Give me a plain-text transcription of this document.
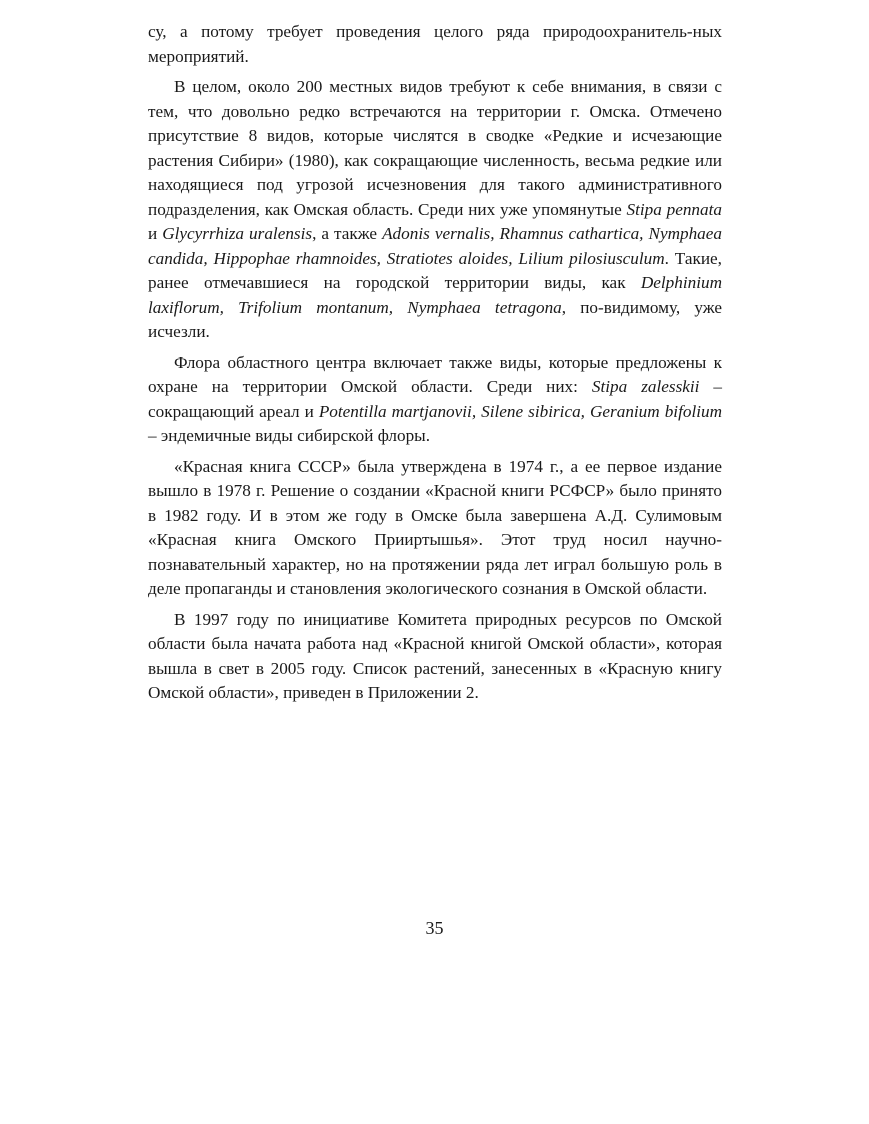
су, а потому требует проведения целого ряда природоохранитель-ных мероприятий.

В целом, около 200 местных видов требуют к себе внимания, в связи с тем, что довольно редко встречаются на территории г. Омска. Отмечено присутствие 8 видов, которые числятся в сводке «Редкие и исчезающие растения Сибири» (1980), как сокращающие численность, весьма редкие или находящиеся под угрозой исчезновения для такого административного подразделения, как Омская область. Среди них уже упомянутые Stipa pennata и Glycyrrhiza uralensis, а также Adonis vernalis, Rhamnus cathartica, Nymphaea candida, Hippophae rhamnoides, Stratiotes aloides, Lilium pilosiusculum. Такие, ранее отмечавшиеся на городской территории виды, как Delphinium laxiflorum, Trifolium montanum, Nymphaea tetragona, по-видимому, уже исчезли.

Флора областного центра включает также виды, которые предложены к охране на территории Омской области. Среди них: Stipa zalesskii – сокращающий ареал и Potentilla martjanovii, Silene sibirica, Geranium bifolium – эндемичные виды сибирской флоры.

«Красная книга СССР» была утверждена в 1974 г., а ее первое издание вышло в 1978 г. Решение о создании «Красной книги РСФСР» было принято в 1982 году. И в этом же году в Омске была завершена А.Д. Сулимовым «Красная книга Омского Прииртышья». Этот труд носил научно-познавательный характер, но на протяжении ряда лет играл большую роль в деле пропаганды и становления экологического сознания в Омской области.

В 1997 году по инициативе Комитета природных ресурсов по Омской области была начата работа над «Красной книгой Омской области», которая вышла в свет в 2005 году. Список растений, занесенных в «Красную книгу Омской области», приведен в Приложении 2.

35
